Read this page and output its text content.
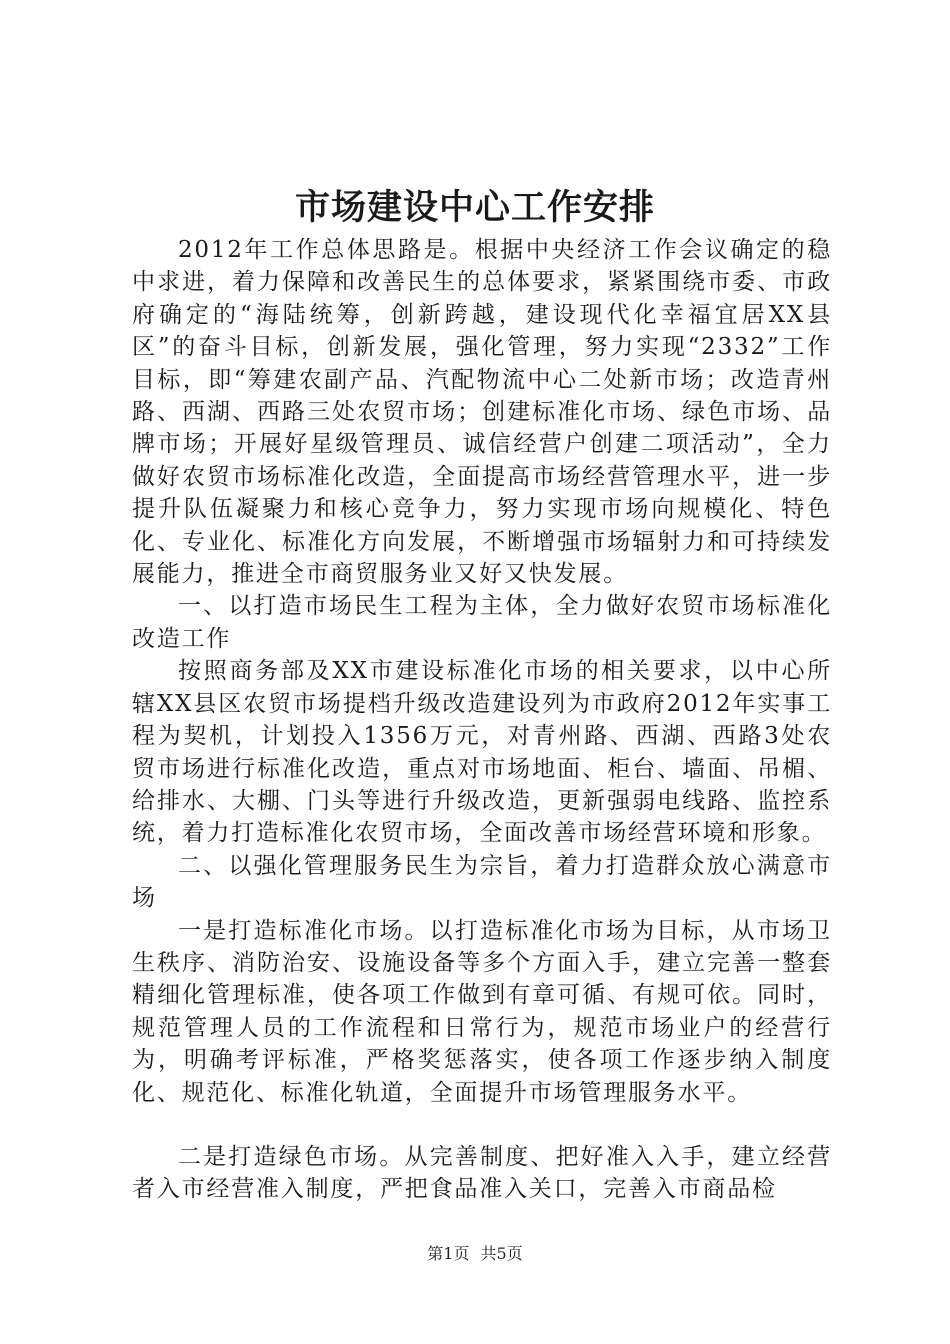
市场建设中心工作安排

2012年工作总体思路是。根据中央经济工作会议确定的稳中求进，着力保障和改善民生的总体要求，紧紧围绕市委、市政府确定的“海陆统筹，创新跨越，建设现代化幸福宜居XX县区”的奋斗目标，创新发展，强化管理，努力实现“2332”工作目标，即“筹建农副产品、汽配物流中心二处新市场；改造青州路、西湖、西路三处农贸市场；创建标准化市场、绿色市场、品牌市场；开展好星级管理员、诚信经营户创建二项活动”，全力做好农贸市场标准化改造，全面提高市场经营管理水平，进一步提升队伍凝聚力和核心竞争力，努力实现市场向规模化、特色化、专业化、标准化方向发展，不断增强市场辐射力和可持续发展能力，推进全市商贸服务业又好又快发展。

一、以打造市场民生工程为主体，全力做好农贸市场标准化改造工作

按照商务部及XX市建设标准化市场的相关要求，以中心所辖XX县区农贸市场提档升级改造建设列为市政府2012年实事工程为契机，计划投入1356万元，对青州路、西湖、西路3处农贸市场进行标准化改造，重点对市场地面、柜台、墙面、吊楣、给排水、大棚、门头等进行升级改造，更新强弱电线路、监控系统，着力打造标准化农贸市场，全面改善市场经营环境和形象。

二、以强化管理服务民生为宗旨，着力打造群众放心满意市场

一是打造标准化市场。以打造标准化市场为目标，从市场卫生秩序、消防治安、设施设备等多个方面入手，建立完善一整套精细化管理标准，使各项工作做到有章可循、有规可依。同时，规范管理人员的工作流程和日常行为，规范市场业户的经营行为，明确考评标准，严格奖惩落实，使各项工作逐步纳入制度化、规范化、标准化轨道，全面提升市场管理服务水平。

二是打造绿色市场。从完善制度、把好准入入手，建立经营者入市经营准入制度，严把食品准入关口，完善入市商品检

第1页 共5页
